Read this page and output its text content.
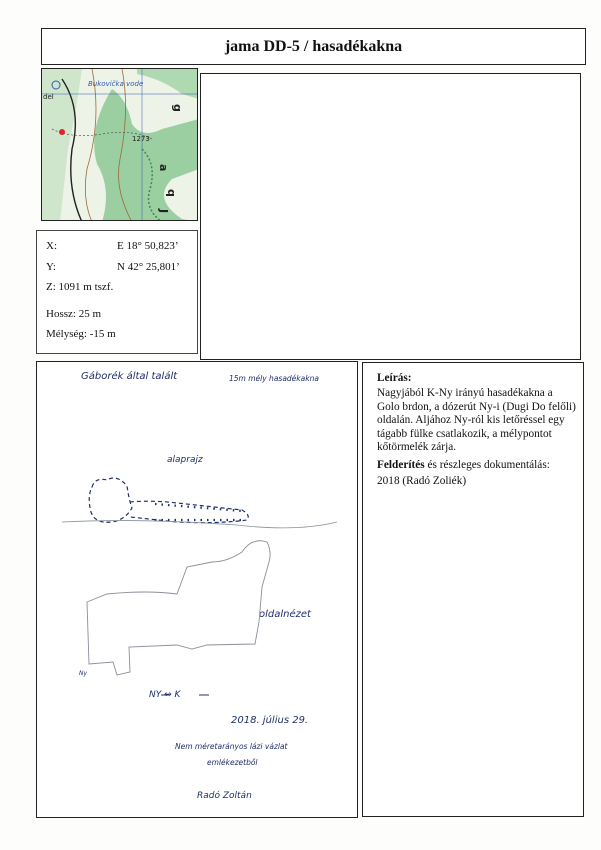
jama DD-5 / hasadékakna
Bukovička vode
1273
del
a
q
J
g
X:	E 18° 50,823’
Y:	N 42° 25,801’
Z: 1091 m tszf.
Hossz: 25 m
Mélység: -15 m
Gáborék által talált	15m mély hasadékakna
alaprajz
oldalnézet
Ny
NY ↔ K
2018. július 29.
Nem méretarányos lázi vázlat
emlékezetből
Radó Zoltán

Leírás:

Nagyjából K-Ny irányú hasadékakna a Golo brdon, a dózerút Ny-i (Dugi Do felőli) oldalán. Aljához Ny-ról kis letőréssel egy tágabb fülke csatlakozik, a mélypontot kőtörmelék zárja.

Felderítés és részleges dokumentálás:

2018 (Radó Zoliék)
